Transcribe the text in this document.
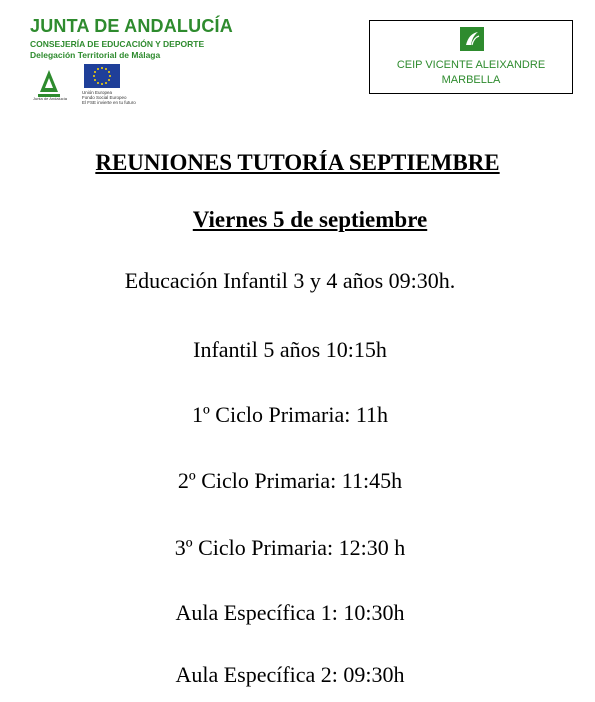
JUNTA DE ANDALUCÍA
CONSEJERÍA DE EDUCACIÓN Y DEPORTE
Delegación Territorial de Málaga
Junta de Andalucía
Unión Europea
Fondo Social Europeo
El FSE invierte en tu futuro
CEIP VICENTE ALEIXANDRE
MARBELLA
REUNIONES TUTORÍA SEPTIEMBRE
Viernes 5 de septiembre
Educación Infantil 3 y 4 años 09:30h.
Infantil 5 años 10:15h
1º Ciclo Primaria: 11h
2º Ciclo Primaria: 11:45h
3º Ciclo Primaria: 12:30 h
Aula Específica 1: 10:30h
Aula Específica 2: 09:30h
